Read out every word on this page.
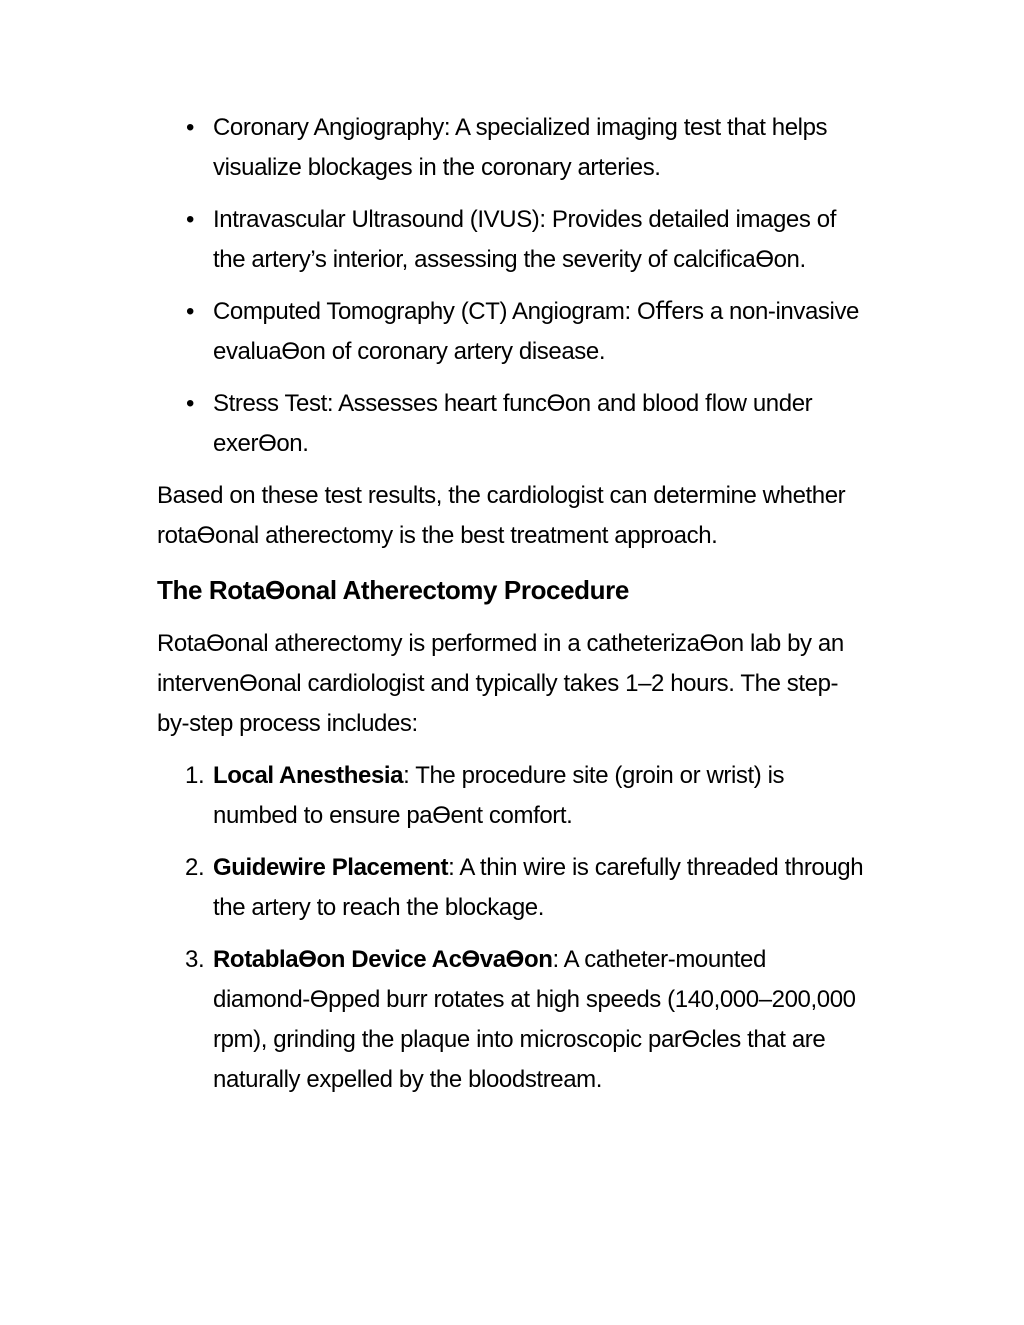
• Coronary Angiography: A specialized imaging test that helps visualize blockages in the coronary arteries.
• Intravascular Ultrasound (IVUS): Provides detailed images of the artery’s interior, assessing the severity of calciﬁcaƟon.
• Computed Tomography (CT) Angiogram: Oﬀers a non-invasive evaluaƟon of coronary artery disease.
• Stress Test: Assesses heart funcƟon and blood ﬂow under exerƟon.

Based on these test results, the cardiologist can determine whether rotaƟonal atherectomy is the best treatment approach.

The RotaƟonal Atherectomy Procedure

RotaƟonal atherectomy is performed in a catheterizaƟon lab by an intervenƟonal cardiologist and typically takes 1–2 hours. The step-by-step process includes:

1. Local Anesthesia: The procedure site (groin or wrist) is numbed to ensure paƟent comfort.
2. Guidewire Placement: A thin wire is carefully threaded through the artery to reach the blockage.
3. RotablaƟon Device AcƟvaƟon: A catheter-mounted diamond-Ɵpped burr rotates at high speeds (140,000–200,000 rpm), grinding the plaque into microscopic parƟcles that are naturally expelled by the bloodstream.
